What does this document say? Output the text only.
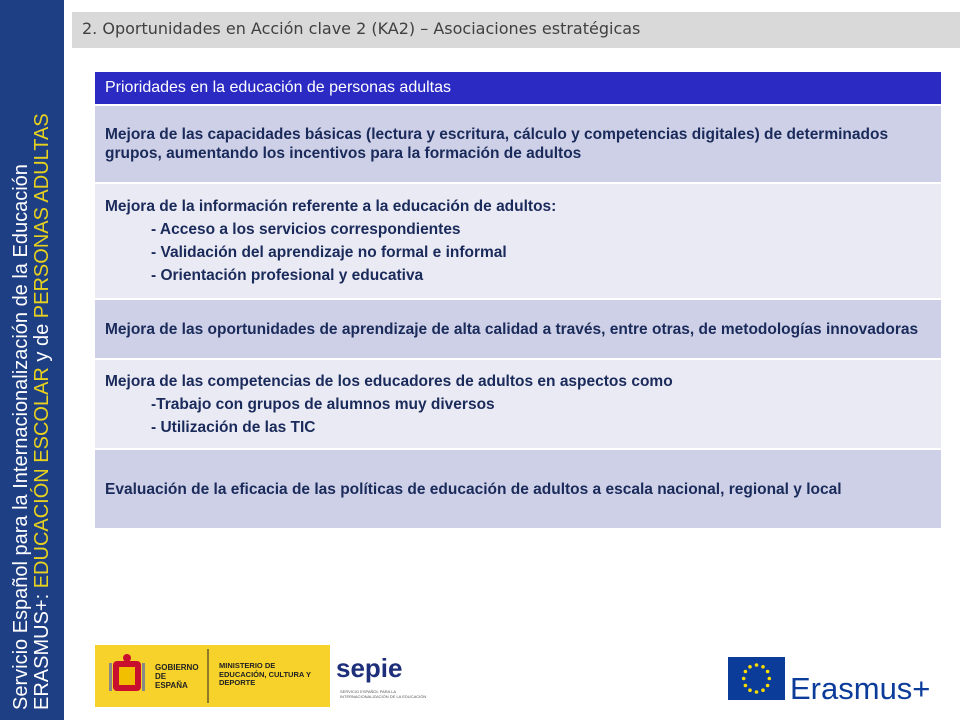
Servicio Español para la Internacionalización de la Educación ERASMUS+: EDUCACIÓN ESCOLAR y de PERSONAS ADULTAS
2. Oportunidades en Acción clave 2 (KA2) – Asociaciones estratégicas
Prioridades en la educación de personas adultas
Mejora de las capacidades básicas (lectura y escritura, cálculo y competencias digitales) de determinados grupos, aumentando los incentivos para la formación de adultos
Mejora de la información referente a la educación de adultos:
- Acceso a los servicios correspondientes
- Validación del aprendizaje no formal e informal
- Orientación profesional y educativa

Mejora de las oportunidades de aprendizaje de alta calidad a través, entre otras, de metodologías innovadoras
Mejora de las competencias de los educadores de adultos en aspectos como
-Trabajo con grupos de alumnos muy diversos
- Utilización de las TIC

Evaluación de la eficacia de las políticas de educación de adultos a escala nacional, regional y local
GOBIERNO DE ESPAÑA
MINISTERIO DE EDUCACIÓN, CULTURA Y DEPORTE	sepie
SERVICIO ESPAÑOL PARA LA INTERNACIONALIZACIÓN DE LA EDUCACIÓN	Erasmus+
